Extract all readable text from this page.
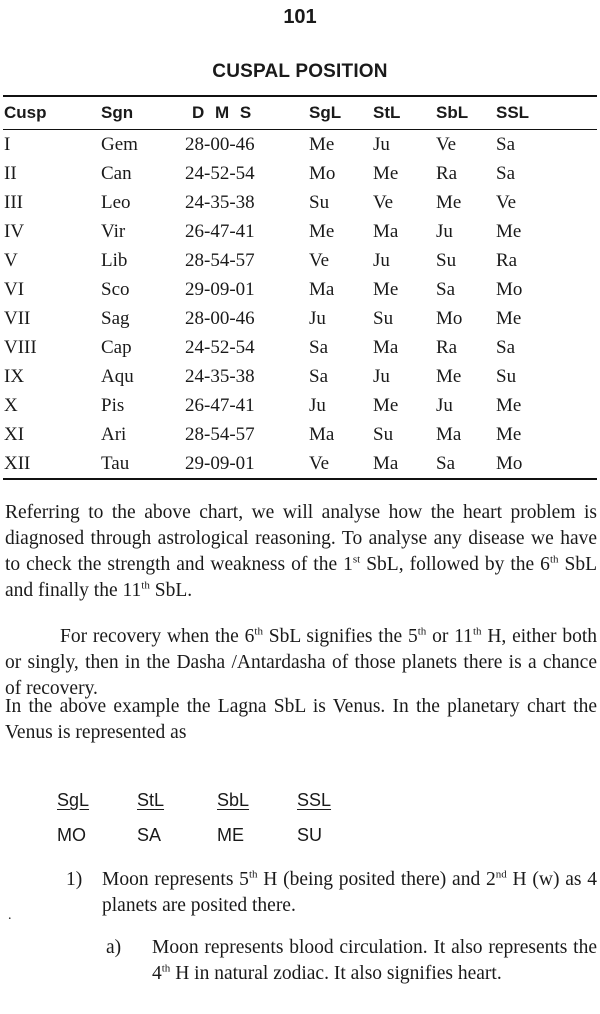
101
CUSPAL POSITION
Cusp	Sgn	D M S	SgL	StL	SbL	SSL
I	Gem	28-00-46	Me	Ju	Ve	Sa
II	Can	24-52-54	Mo	Me	Ra	Sa
III	Leo	24-35-38	Su	Ve	Me	Ve
IV	Vir	26-47-41	Me	Ma	Ju	Me
V	Lib	28-54-57	Ve	Ju	Su	Ra
VI	Sco	29-09-01	Ma	Me	Sa	Mo
VII	Sag	28-00-46	Ju	Su	Mo	Me
VIII	Cap	24-52-54	Sa	Ma	Ra	Sa
IX	Aqu	24-35-38	Sa	Ju	Me	Su
X	Pis	26-47-41	Ju	Me	Ju	Me
XI	Ari	28-54-57	Ma	Su	Ma	Me
XII	Tau	29-09-01	Ve	Ma	Sa	Mo
Referring to the above chart, we will analyse how the heart problem is diagnosed through astrological reasoning. To analyse any disease we have to check the strength and weakness of the 1st SbL, followed by the 6th SbL and finally the 11th SbL.
For recovery when the 6th SbL signifies the 5th or 11th H, either both or singly, then in the Dasha /Antardasha of those planets there is a chance of recovery.
In the above example the Lagna SbL is Venus. In the planetary chart the Venus is represented as
SgL	StL	SbL	SSL
MO	SA	ME	SU
1)	Moon represents 5th H (being posited there) and 2nd H (w) as 4 planets are posited there.
.
a)	Moon represents blood circulation. It also represents the 4th H in natural zodiac. It also signifies heart.
